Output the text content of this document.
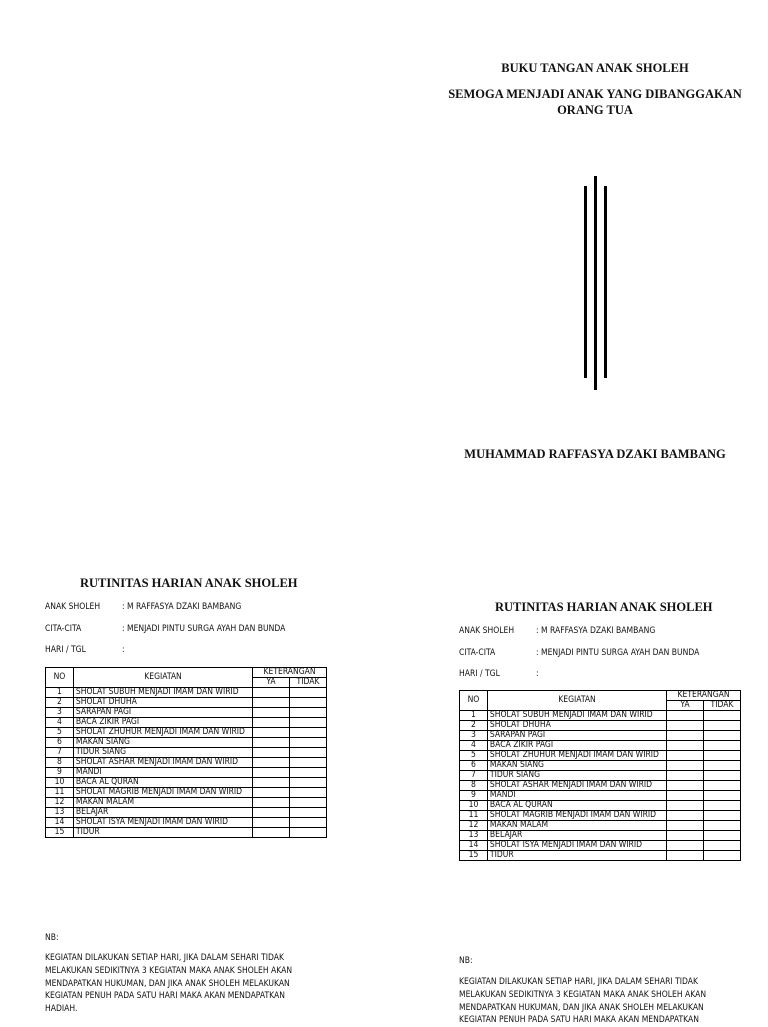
BUKU TANGAN ANAK SHOLEH
SEMOGA MENJADI ANAK YANG DIBANGGAKAN
ORANG TUA
MUHAMMAD RAFFASYA DZAKI BAMBANG
RUTINITAS HARIAN ANAK SHOLEH
ANAK SHOLEH	: M RAFFASYA DZAKI BAMBANG
CITA-CITA	: MENJADI PINTU SURGA AYAH DAN BUNDA
HARI / TGL	:
NO	KEGIATAN	KETERANGAN	
		YA	TIDAK
1	SHOLAT SUBUH MENJADI IMAM DAN WIRID		
2	SHOLAT DHUHA		
3	SARAPAN PAGI		
4	BACA ZIKIR PAGI		
5	SHOLAT ZHUHUR MENJADI IMAM DAN WIRID		
6	MAKAN SIANG		
7	TIDUR SIANG		
8	SHOLAT ASHAR MENJADI IMAM DAN WIRID		
9	MANDI		
10	BACA AL QURAN		
11	SHOLAT MAGRIB MENJADI IMAM DAN WIRID		
12	MAKAN MALAM		
13	BELAJAR		
14	SHOLAT ISYA MENJADI IMAM DAN WIRID		
15	TIDUR		
NB:
KEGIATAN DILAKUKAN SETIAP HARI, JIKA DALAM SEHARI TIDAK
MELAKUKAN SEDIKITNYA 3 KEGIATAN MAKA ANAK SHOLEH AKAN
MENDAPATKAN HUKUMAN, DAN JIKA ANAK SHOLEH MELAKUKAN
KEGIATAN PENUH PADA SATU HARI MAKA AKAN MENDAPATKAN
HADIAH.
RUTINITAS HARIAN ANAK SHOLEH
ANAK SHOLEH	: M RAFFASYA DZAKI BAMBANG
CITA-CITA	: MENJADI PINTU SURGA AYAH DAN BUNDA
HARI / TGL	:
NO	KEGIATAN	KETERANGAN	
		YA	TIDAK
1	SHOLAT SUBUH MENJADI IMAM DAN WIRID		
2	SHOLAT DHUHA		
3	SARAPAN PAGI		
4	BACA ZIKIR PAGI		
5	SHOLAT ZHUHUR MENJADI IMAM DAN WIRID		
6	MAKAN SIANG		
7	TIDUR SIANG		
8	SHOLAT ASHAR MENJADI IMAM DAN WIRID		
9	MANDI		
10	BACA AL QURAN		
11	SHOLAT MAGRIB MENJADI IMAM DAN WIRID		
12	MAKAN MALAM		
13	BELAJAR		
14	SHOLAT ISYA MENJADI IMAM DAN WIRID		
15	TIDUR		
NB:
KEGIATAN DILAKUKAN SETIAP HARI, JIKA DALAM SEHARI TIDAK
MELAKUKAN SEDIKITNYA 3 KEGIATAN MAKA ANAK SHOLEH AKAN
MENDAPATKAN HUKUMAN, DAN JIKA ANAK SHOLEH MELAKUKAN
KEGIATAN PENUH PADA SATU HARI MAKA AKAN MENDAPATKAN
